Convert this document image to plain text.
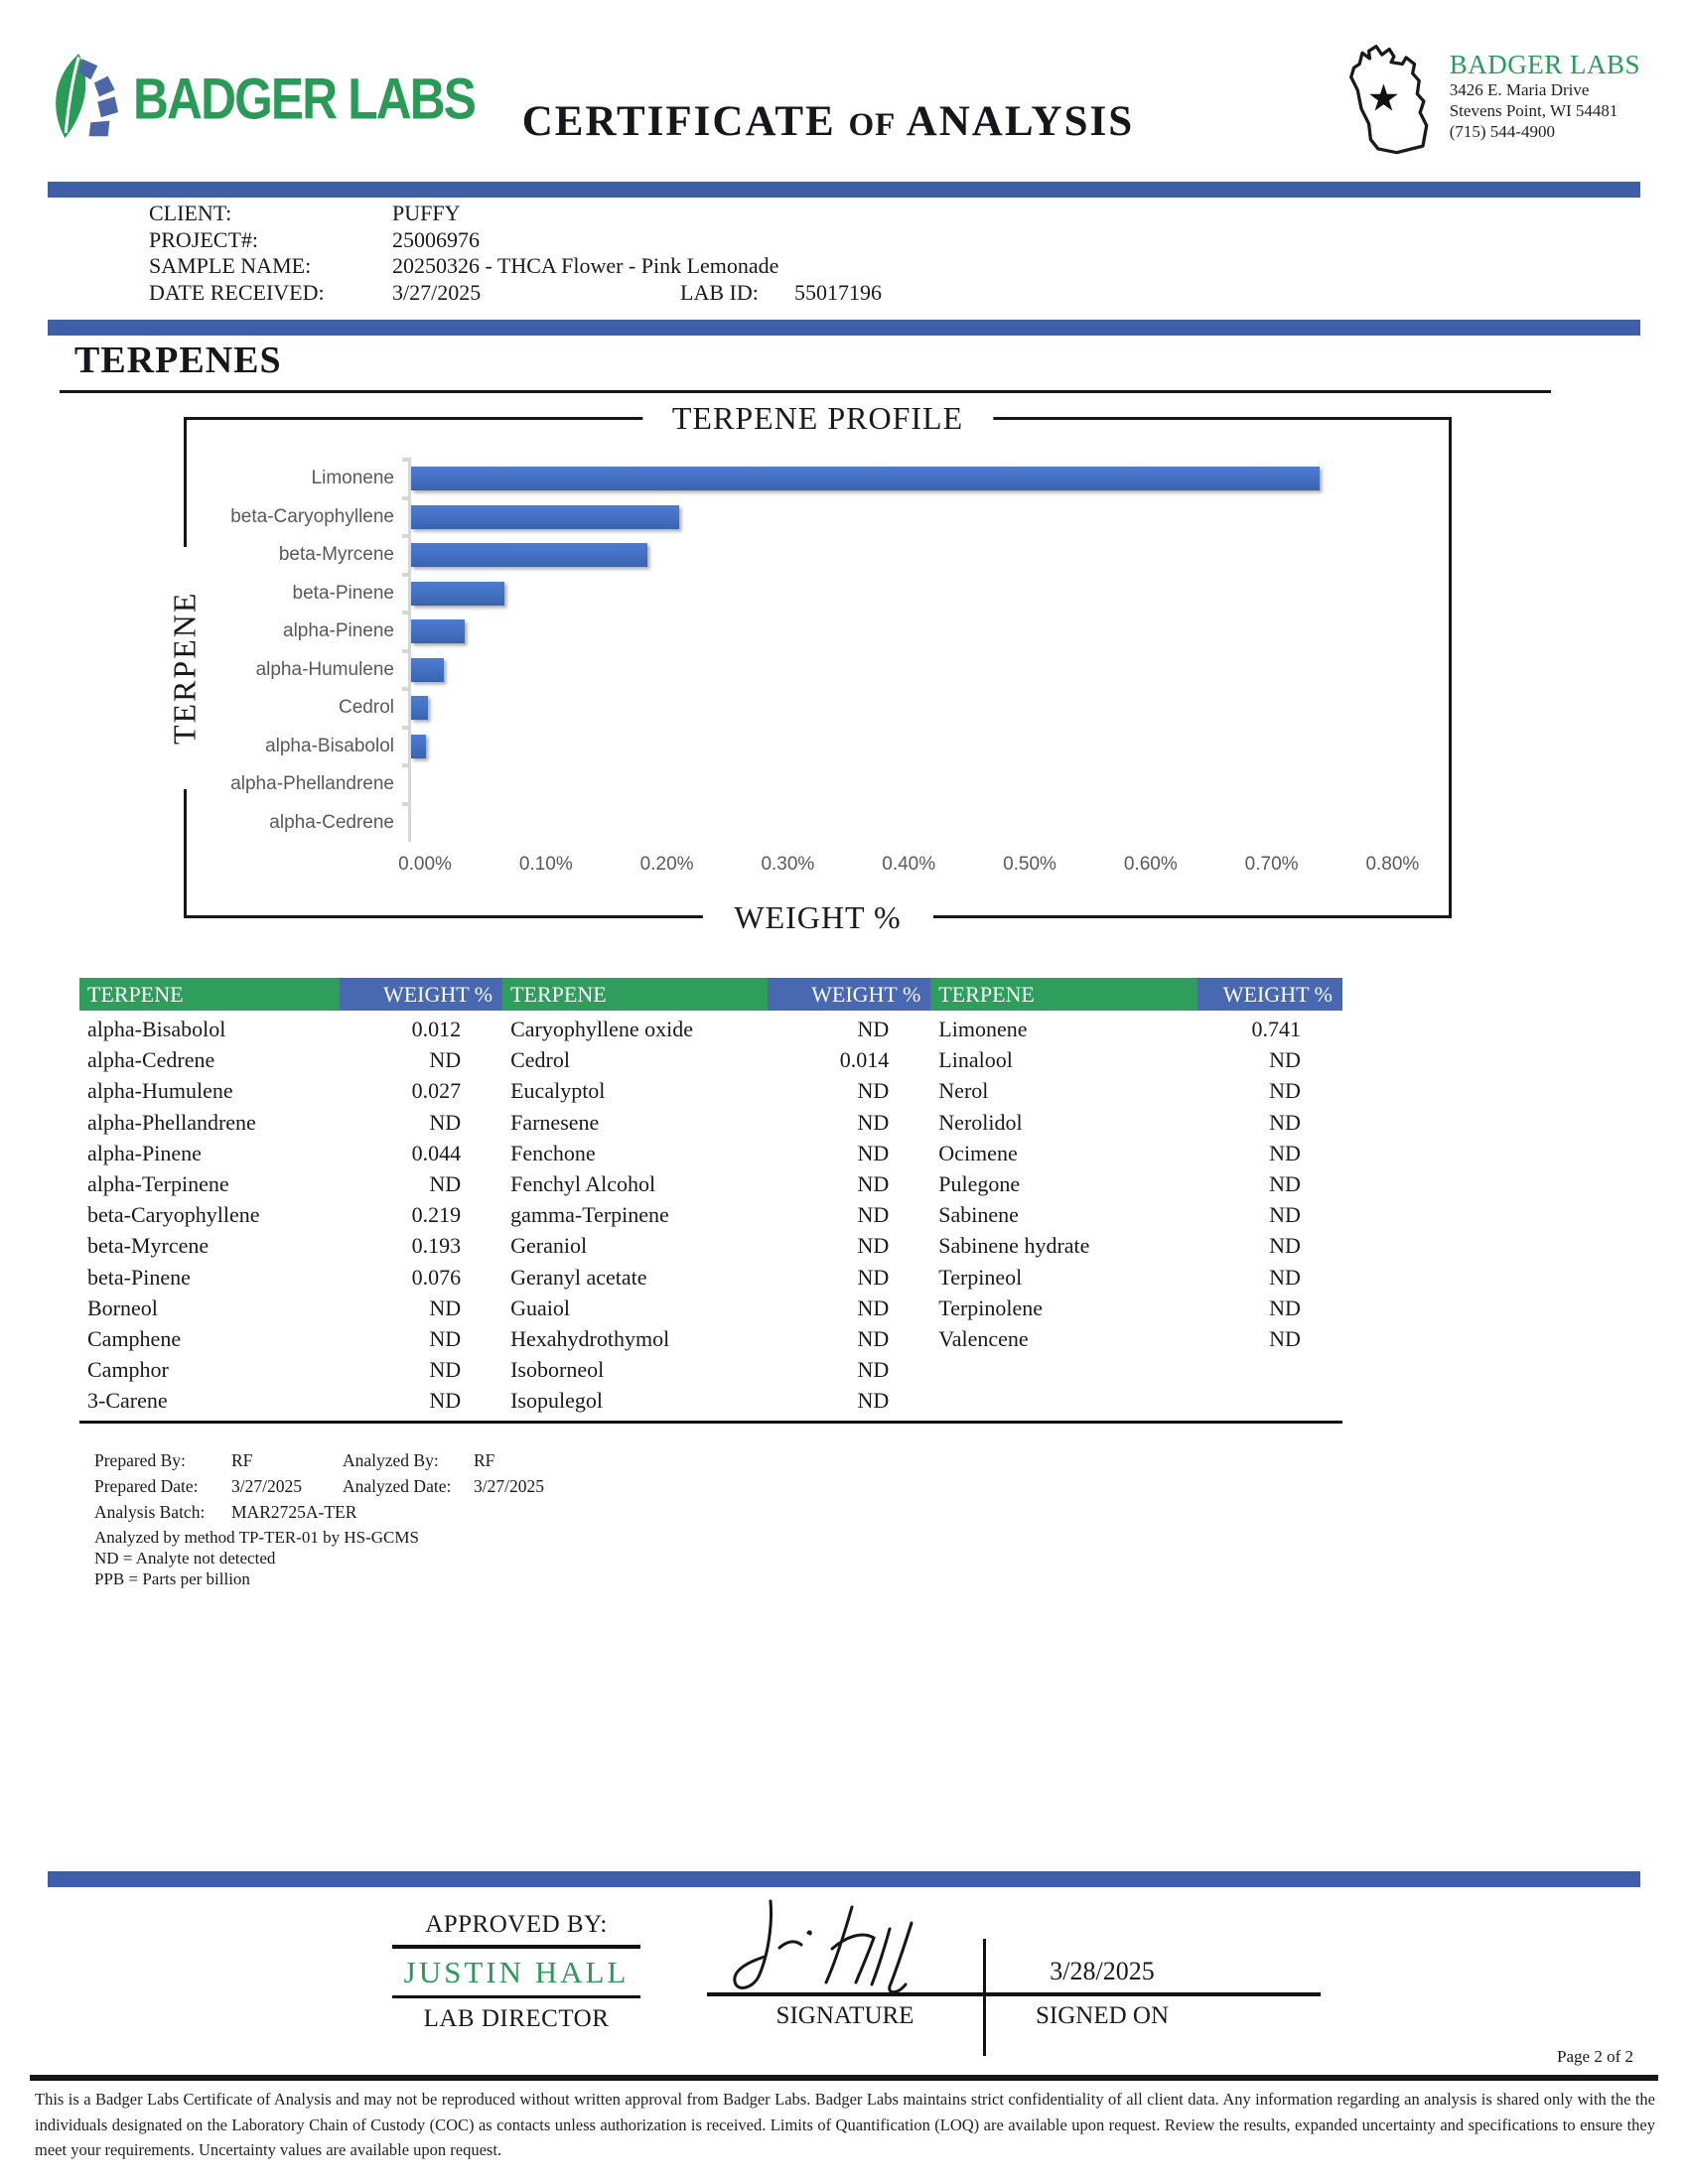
BADGER LABS CERTIFICATE OF ANALYSIS
★
BADGER LABS
3426 E. Maria Drive
Stevens Point, WI 54481
(715) 544-4900
CLIENT:	PUFFY
PROJECT#:	25006976
SAMPLE NAME:	20250326 - THCA Flower - Pink Lemonade
DATE RECEIVED:	3/27/2025	LAB ID:	55017196
TERPENES
TERPENE PROFILE
TERPENE
Limonene
beta-Caryophyllene
beta-Myrcene
beta-Pinene
alpha-Pinene
alpha-Humulene
Cedrol
alpha-Bisabolol
alpha-Phellandrene
alpha-Cedrene
0.00%	0.10%	0.20%	0.30%	0.40%	0.50%	0.60%	0.70%	0.80%
WEIGHT %
TERPENE	WEIGHT % TERPENE	WEIGHT % TERPENE	WEIGHT %
alpha-Bisabolol	0.012	Caryophyllene oxide	ND	Limonene	0.741
alpha-Cedrene	ND	Cedrol	0.014	Linalool	ND
alpha-Humulene	0.027	Eucalyptol	ND	Nerol	ND
alpha-Phellandrene	ND	Farnesene	ND	Nerolidol	ND
alpha-Pinene	0.044	Fenchone	ND	Ocimene	ND
alpha-Terpinene	ND	Fenchyl Alcohol	ND	Pulegone	ND
beta-Caryophyllene	0.219	gamma-Terpinene	ND	Sabinene	ND
beta-Myrcene	0.193	Geraniol	ND	Sabinene hydrate	ND
beta-Pinene	0.076	Geranyl acetate	ND	Terpineol	ND
Borneol	ND	Guaiol	ND	Terpinolene	ND
Camphene	ND	Hexahydrothymol	ND	Valencene	ND
Camphor	ND	Isoborneol	ND
3-Carene	ND	Isopulegol	ND
Prepared By:	RF	Analyzed By:	RF
Prepared Date:	3/27/2025	Analyzed Date:	3/27/2025
Analysis Batch:	MAR2725A-TER
Analyzed by method TP-TER-01 by HS-GCMS
ND = Analyte not detected
PPB = Parts per billion
APPROVED BY:
JUSTIN HALL
LAB DIRECTOR	SIGNATURE
3/28/2025
SIGNED ON
Page 2 of 2

This is a Badger Labs Certificate of Analysis and may not be reproduced without written approval from Badger Labs. Badger Labs maintains strict confidentiality of all client data. Any information regarding an analysis is shared only with the the individuals designated on the Laboratory Chain of Custody (COC) as contacts unless authorization is received. Limits of Quantification (LOQ) are available upon request. Review the results, expanded uncertainty and specifications to ensure they meet your requirements. Uncertainty values are available upon request.
